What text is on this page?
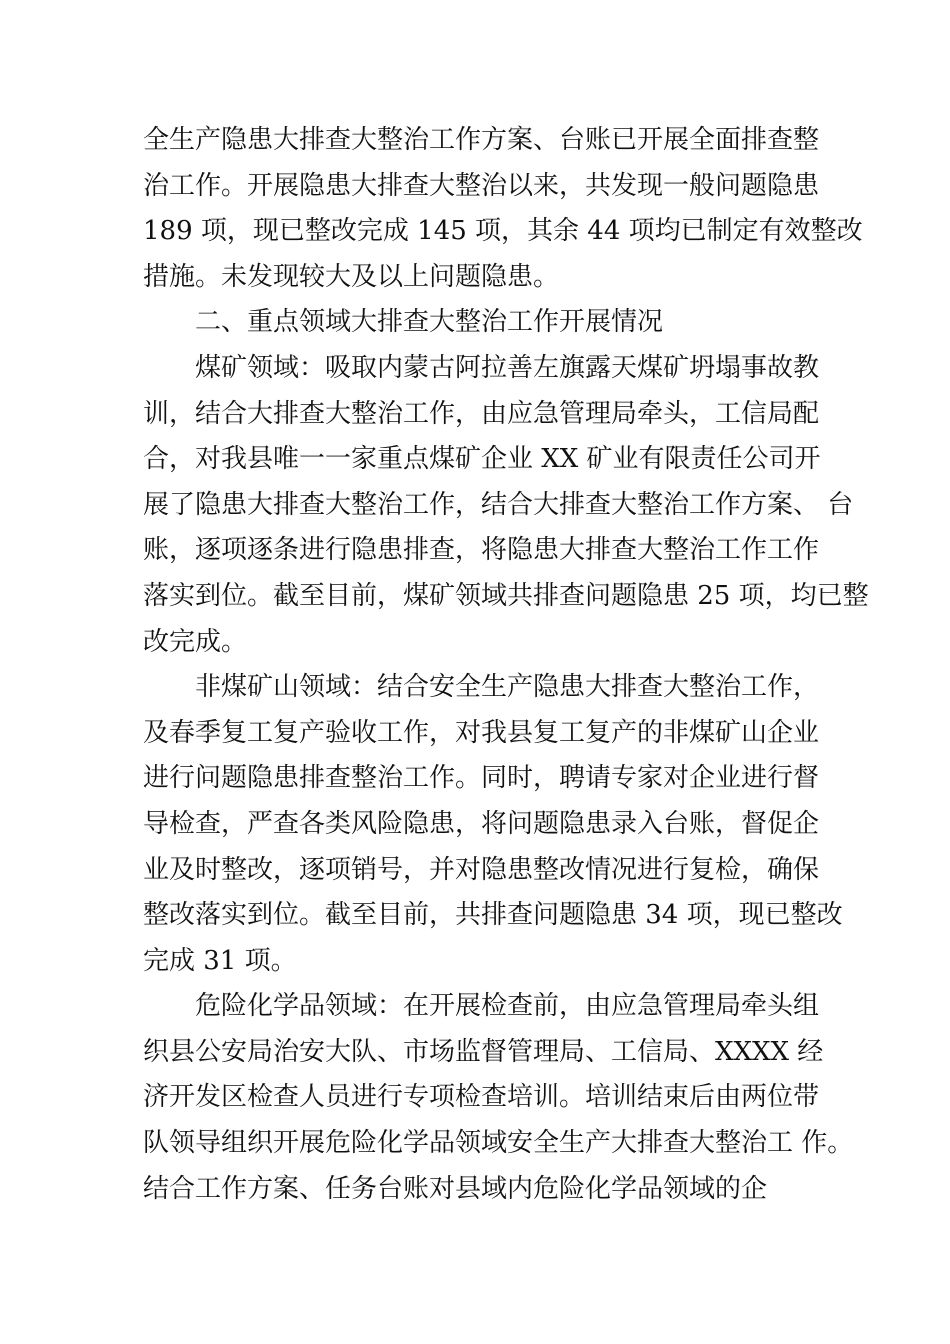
全生产隐患大排查大整治工作方案、台账已开展全面排查整
治工作。开展隐患大排查大整治以来，共发现一般问题隐患
189 项，现已整改完成 145 项，其余 44 项均已制定有效整改
措施。未发现较大及以上问题隐患。
二、重点领域大排查大整治工作开展情况
煤矿领域：吸取内蒙古阿拉善左旗露天煤矿坍塌事故教
训，结合大排查大整治工作，由应急管理局牵头，工信局配
合，对我县唯一一家重点煤矿企业 XX 矿业有限责任公司开
展了隐患大排查大整治工作，结合大排查大整治工作方案、 台
账，逐项逐条进行隐患排查，将隐患大排查大整治工作工作
落实到位。截至目前，煤矿领域共排查问题隐患 25 项，均已整
改完成。
非煤矿山领域：结合安全生产隐患大排查大整治工作，
及春季复工复产验收工作，对我县复工复产的非煤矿山企业
进行问题隐患排查整治工作。同时，聘请专家对企业进行督
导检查，严查各类风险隐患，将问题隐患录入台账，督促企
业及时整改，逐项销号，并对隐患整改情况进行复检，确保
整改落实到位。截至目前，共排查问题隐患 34 项，现已整改
完成 31 项。
危险化学品领域：在开展检查前，由应急管理局牵头组
织县公安局治安大队、市场监督管理局、工信局、XXXX 经
济开发区检查人员进行专项检查培训。培训结束后由两位带
队领导组织开展危险化学品领域安全生产大排查大整治工 作。
结合工作方案、任务台账对县域内危险化学品领域的企
